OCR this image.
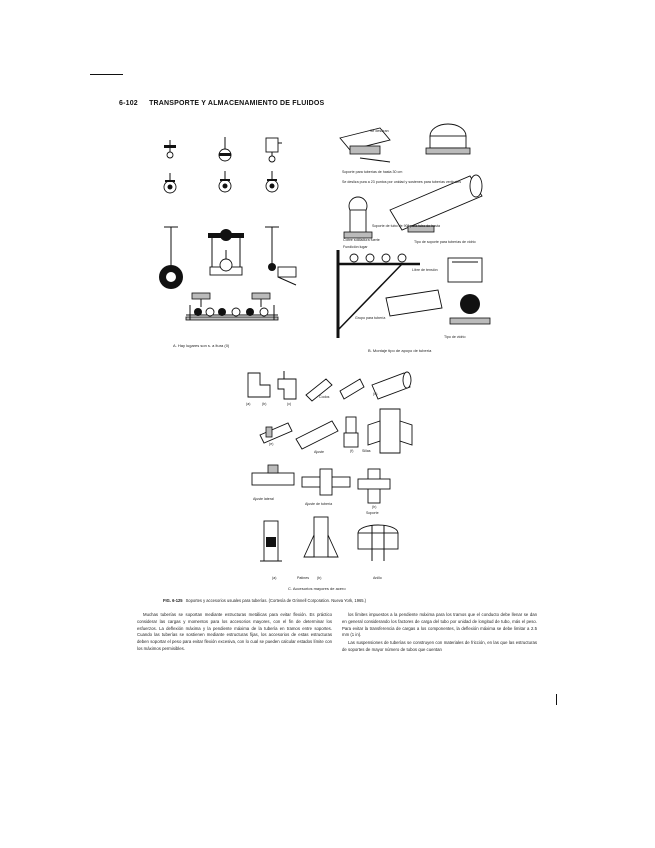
6-102 TRANSPORTE Y ALMACENAMIENTO DE FLUIDOS
A. Hay lugares son s. a ltura (0)
Se deslizan
Soporte para tuberías de hasta 30 cm
Se desliza pura a 23 puntos por unidad y sostenes para tuberías verticales
Soporte de tubo de 90° para tubo de hasta
Cobre soldadura fuerte
Fundición lugar
Tipo de soporte para tuberías de vidrio
Libre de tensión
Grupo para tubería
Tipo de vidrio
B. Montaje tipo de apoyo de tubería
(a)	(b)	(c)
Codos
(d)
(e)
Ajuste	(f) Sillas
Ajuste lateral
Ajuste de tubería
(h)
Soporte
(a)	Patines (b)	Anillo
C. Accesorios mayores de acero
FIG. 6-125 Soportes y accesorios usuales para tuberías. (Cortesía de Grinnell Corporation. Nueva York, 1965.)

Muchas tuberías se soportan mediante estructuras metálicas para evitar flexión. Es práctico considerar las cargas y momentos para los accesorios mayores, con el fin de determinar los esfuerzos. La deflexión máxima y la pendiente máxima de la tubería en tramos entre soportes. Cuando las tuberías se sostienen mediante estructuras fijas, los accesorios de estas estructuras deben soportar el peso para evitar flexión excesiva, con lo cual se pueden calcular estados límite con los máximos permisibles.

los límites impuestos a la pendiente máxima para los tramos que el conducto debe llenar se dan en general considerando los factores de carga del tubo por unidad de longitud de tubo, más el peso. Para evitar la transferencia de cargas a los componentes, la deflexión máxima se debe limitar a 2.5 mm (1 in).

Las suspensiones de tuberías se construyen con materiales de fricción, en las que las estructuras de soportes de mayor número de tubos que cuentan
